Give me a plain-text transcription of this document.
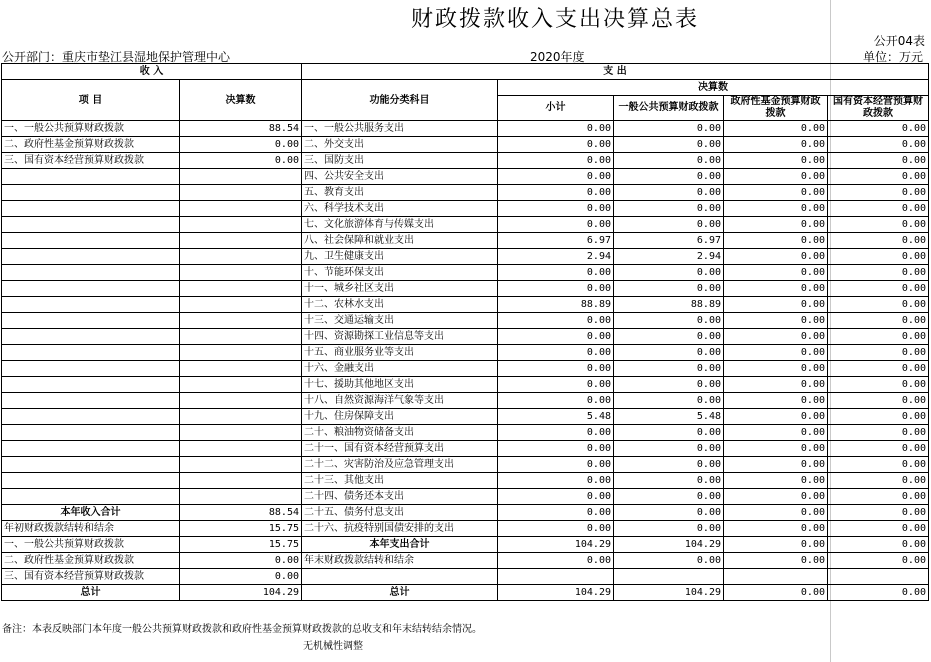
财政拨款收入支出决算总表
公开04表
公开部门：重庆市垫江县湿地保护管理中心	2020年度	单位：万元
收 入		支 出				
项 目	决算数	功能分类科目	决算数			
			小计	一般公共预算财政拨款	政府性基金预算财政拨款	国有资本经营预算财政拨款

一、一般公共预算财政拨款	88.54	一、一般公共服务支出	0.00	0.00	0.00	0.00
二、政府性基金预算财政拨款	0.00	二、外交支出	0.00	0.00	0.00	0.00
三、国有资本经营预算财政拨款	0.00	三、国防支出	0.00	0.00	0.00	0.00
		四、公共安全支出	0.00	0.00	0.00	0.00
		五、教育支出	0.00	0.00	0.00	0.00
		六、科学技术支出	0.00	0.00	0.00	0.00
		七、文化旅游体育与传媒支出	0.00	0.00	0.00	0.00
		八、社会保障和就业支出	6.97	6.97	0.00	0.00
		九、卫生健康支出	2.94	2.94	0.00	0.00
		十、节能环保支出	0.00	0.00	0.00	0.00
		十一、城乡社区支出	0.00	0.00	0.00	0.00
		十二、农林水支出	88.89	88.89	0.00	0.00
		十三、交通运输支出	0.00	0.00	0.00	0.00
		十四、资源勘探工业信息等支出	0.00	0.00	0.00	0.00
		十五、商业服务业等支出	0.00	0.00	0.00	0.00
		十六、金融支出	0.00	0.00	0.00	0.00
		十七、援助其他地区支出	0.00	0.00	0.00	0.00
		十八、自然资源海洋气象等支出	0.00	0.00	0.00	0.00
		十九、住房保障支出	5.48	5.48	0.00	0.00
		二十、粮油物资储备支出	0.00	0.00	0.00	0.00
		二十一、国有资本经营预算支出	0.00	0.00	0.00	0.00
		二十二、灾害防治及应急管理支出	0.00	0.00	0.00	0.00
		二十三、其他支出	0.00	0.00	0.00	0.00
		二十四、债务还本支出	0.00	0.00	0.00	0.00
本年收入合计	88.54	二十五、债务付息支出	0.00	0.00	0.00	0.00
年初财政拨款结转和结余	15.75	二十六、抗疫特别国债安排的支出	0.00	0.00	0.00	0.00
一、一般公共预算财政拨款	15.75	本年支出合计	104.29	104.29	0.00	0.00
二、政府性基金预算财政拨款	0.00	年末财政拨款结转和结余	0.00	0.00	0.00	0.00
三、国有资本经营预算财政拨款	0.00					
总计	104.29	总计	104.29	104.29	0.00	0.00
备注：本表反映部门本年度一般公共预算财政拨款和政府性基金预算财政拨款的总收支和年末结转结余情况。
无机械性调整
